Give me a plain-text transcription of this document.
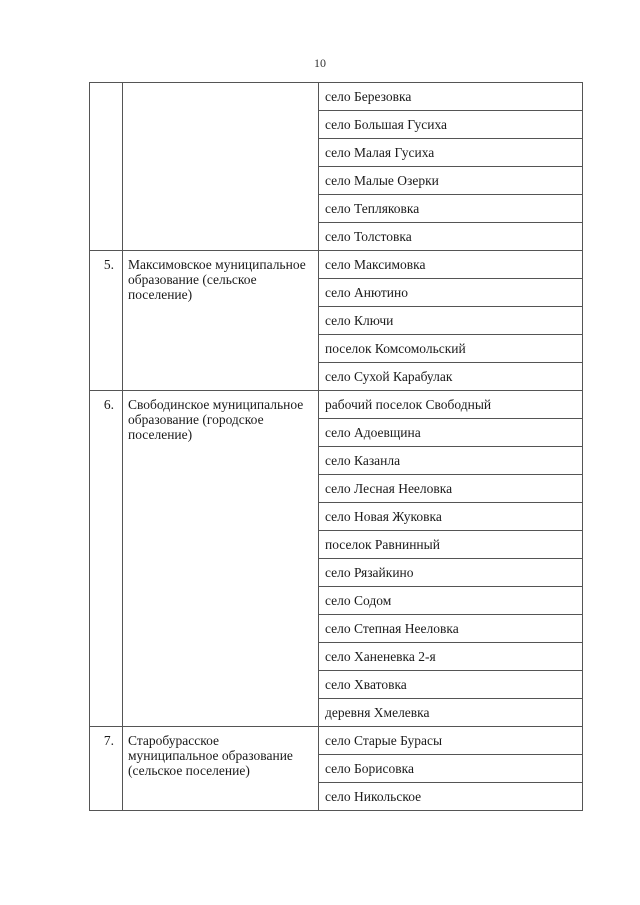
10
		село Березовка
		село Большая Гусиха
		село Малая Гусиха
		село Малые Озерки
		село Тепляковка
		село Толстовка
5.	Максимовское муниципальное образование (сельское поселение)	село Максимовка
		село Анютино
		село Ключи
		поселок Комсомольский
		село Сухой Карабулак
6.	Свободинское муниципальное образование (городское поселение)	рабочий поселок Свободный
		село Адоевщина
		село Казанла
		село Лесная Нееловка
		село Новая Жуковка
		поселок Равнинный
		село Рязайкино
		село Содом
		село Степная Нееловка
		село Ханеневка 2-я
		село Хватовка
		деревня Хмелевка
7.	Старобурасское муниципальное образование (сельское поселение)	село Старые Бурасы
		село Борисовка
		село Никольское
